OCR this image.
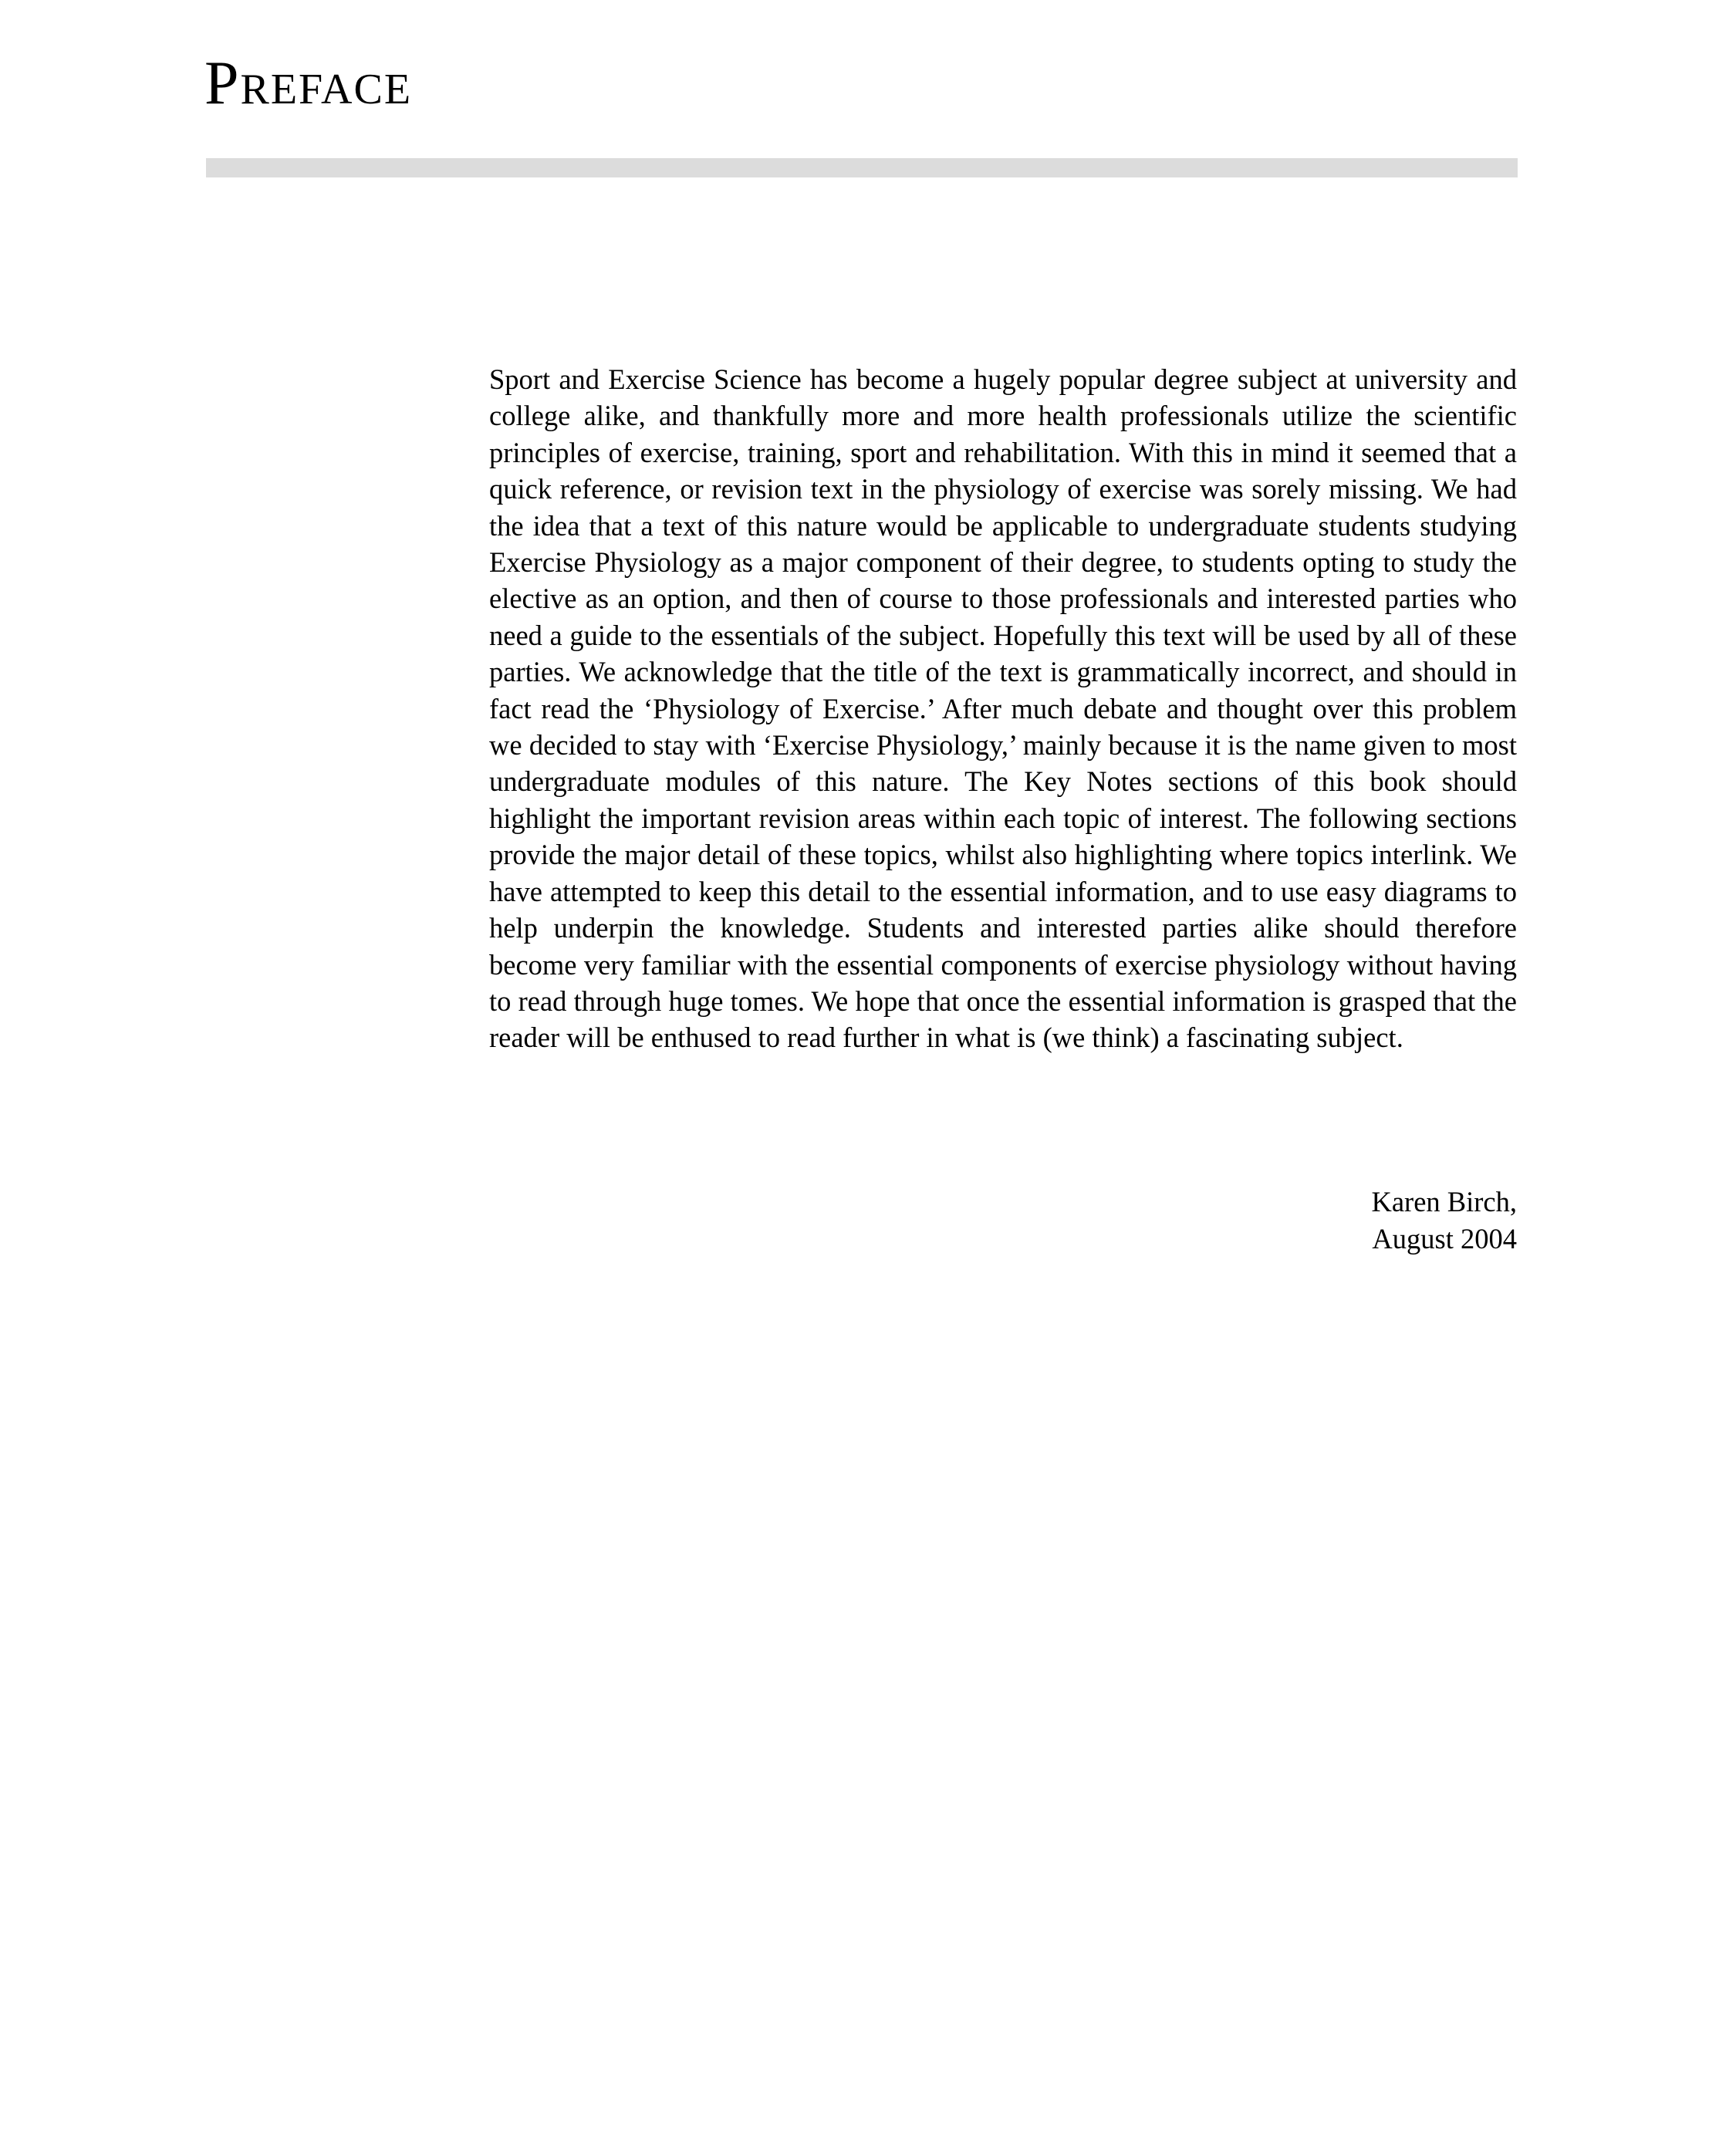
Preface

Sport and Exercise Science has become a hugely popular degree subject at university and college alike, and thankfully more and more health professionals utilize the scientific principles of exercise, training, sport and rehabilitation. With this in mind it seemed that a quick reference, or revision text in the physiology of exercise was sorely missing. We had the idea that a text of this nature would be applicable to undergraduate students studying Exercise Physiology as a major component of their degree, to students opting to study the elective as an option, and then of course to those professionals and interested parties who need a guide to the essentials of the subject. Hopefully this text will be used by all of these parties. We acknowledge that the title of the text is grammatically incorrect, and should in fact read the ‘Physiology of Exercise.’ After much debate and thought over this problem we decided to stay with ‘Exercise Physiology,’ mainly because it is the name given to most undergraduate modules of this nature. The Key Notes sections of this book should highlight the important revision areas within each topic of interest. The following sections provide the major detail of these topics, whilst also highlighting where topics interlink. We have attempted to keep this detail to the essential information, and to use easy diagrams to help underpin the knowledge. Students and interested parties alike should therefore become very familiar with the essential components of exercise physiology without having to read through huge tomes. We hope that once the essential information is grasped that the reader will be enthused to read further in what is (we think) a fascinating subject.

Karen Birch,
August 2004
